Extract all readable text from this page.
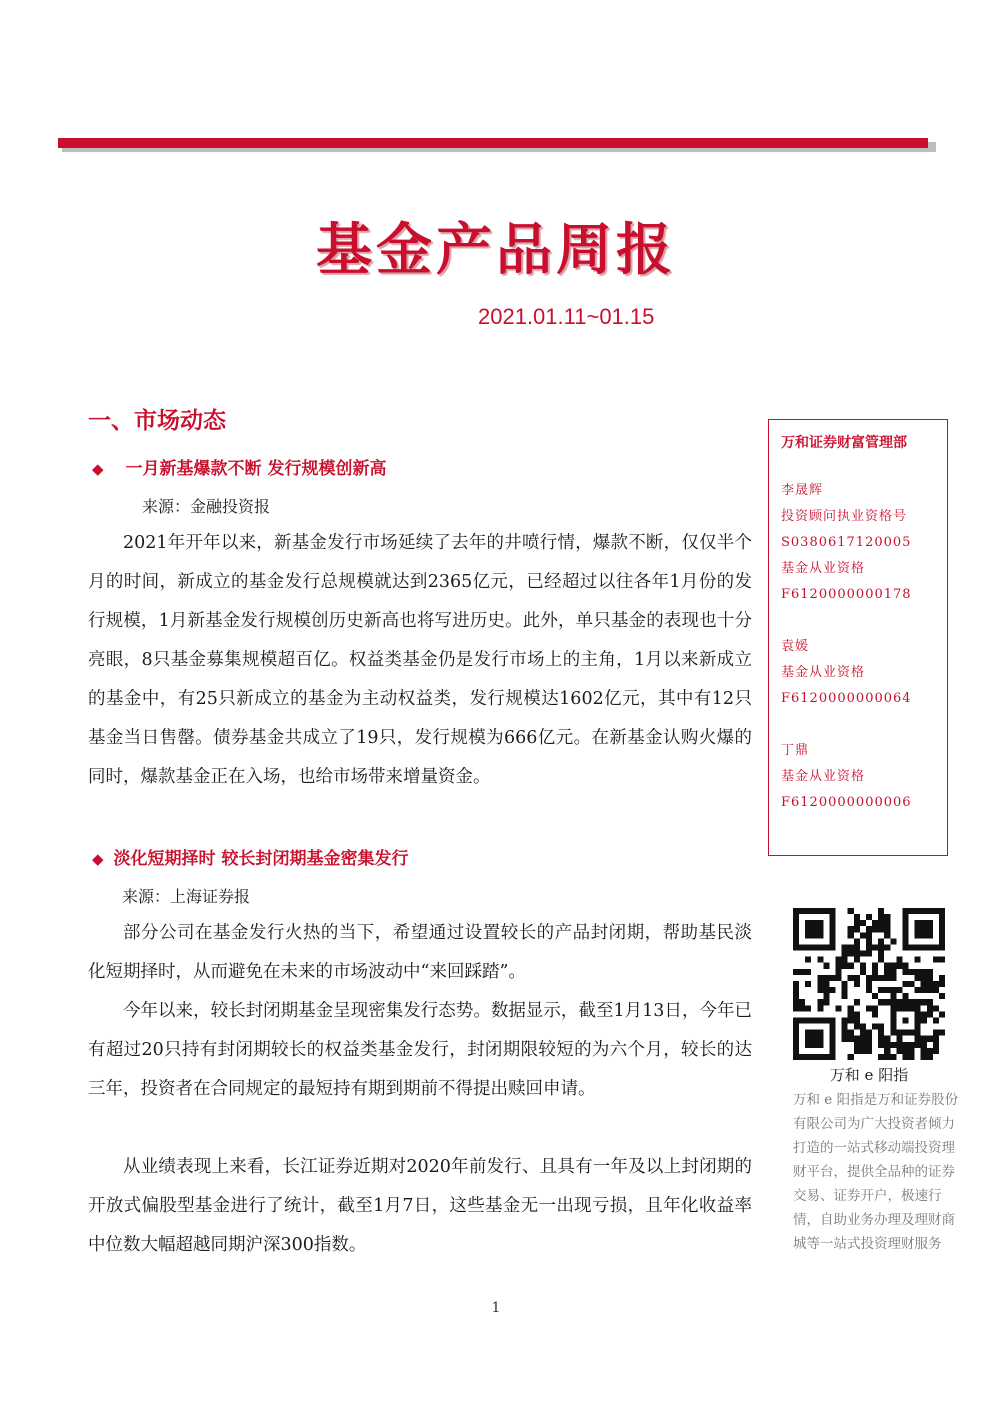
基金产品周报
2021.01.11~01.15
一、市场动态
◆ 一月新基爆款不断 发行规模创新高
来源：金融投资报

2021年开年以来，新基金发行市场延续了去年的井喷行情，爆款不断，仅仅半个月的时间，新成立的基金发行总规模就达到2365亿元，已经超过以往各年1月份的发行规模，1月新基金发行规模创历史新高也将写进历史。此外，单只基金的表现也十分亮眼，8只基金募集规模超百亿。权益类基金仍是发行市场上的主角，1月以来新成立的基金中，有25只新成立的基金为主动权益类，发行规模达1602亿元，其中有12只基金当日售罄。债券基金共成立了19只，发行规模为666亿元。在新基金认购火爆的同时，爆款基金正在入场，也给市场带来增量资金。

◆ 淡化短期择时 较长封闭期基金密集发行
来源：上海证券报

部分公司在基金发行火热的当下，希望通过设置较长的产品封闭期，帮助基民淡化短期择时，从而避免在未来的市场波动中“来回踩踏”。

今年以来，较长封闭期基金呈现密集发行态势。数据显示，截至1月13日，今年已有超过20只持有封闭期较长的权益类基金发行，封闭期限较短的为六个月，较长的达三年，投资者在合同规定的最短持有期到期前不得提出赎回申请。

从业绩表现上来看，长江证券近期对2020年前发行、且具有一年及以上封闭期的开放式偏股型基金进行了统计，截至1月7日，这些基金无一出现亏损，且年化收益率中位数大幅超越同期沪深300指数。

万和证券财富管理部
李晟辉
投资顾问执业资格号
S0380617120005
基金从业资格
F6120000000178
袁媛
基金从业资格
F6120000000064
丁鼎
基金从业资格
F6120000000006
万和 e 阳指
万和 e 阳指是万和证券股份有限公司为广大投资者倾力打造的一站式移动端投资理财平台，提供全品种的证券交易、证券开户，极速行情，自助业务办理及理财商城等一站式投资理财服务
1
